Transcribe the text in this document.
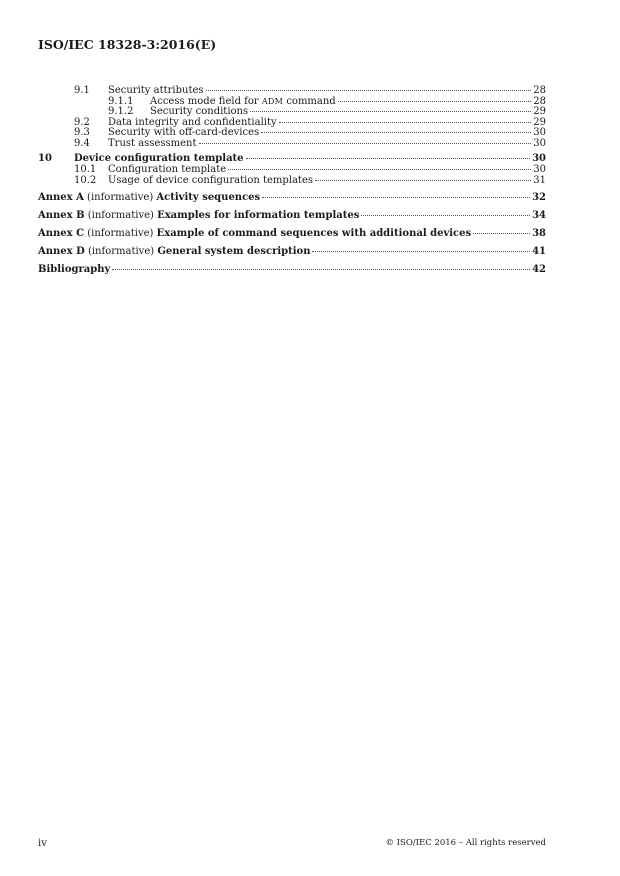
ISO/IEC 18328-3:2016(E)
9.1	Security attributes	28
9.1.1	Access mode field for ADM command	28
9.1.2	Security conditions	29
9.2	Data integrity and confidentiality	29
9.3	Security with off-card-devices	30
9.4	Trust assessment	30
10	Device configuration template	30
10.1	Configuration template	30
10.2	Usage of device configuration templates	31
Annex A (informative) Activity sequences	32
Annex B (informative) Examples for information templates	34
Annex C (informative) Example of command sequences with additional devices	38
Annex D (informative) General system description	41
Bibliography	42
iv	© ISO/IEC 2016 – All rights reserved
